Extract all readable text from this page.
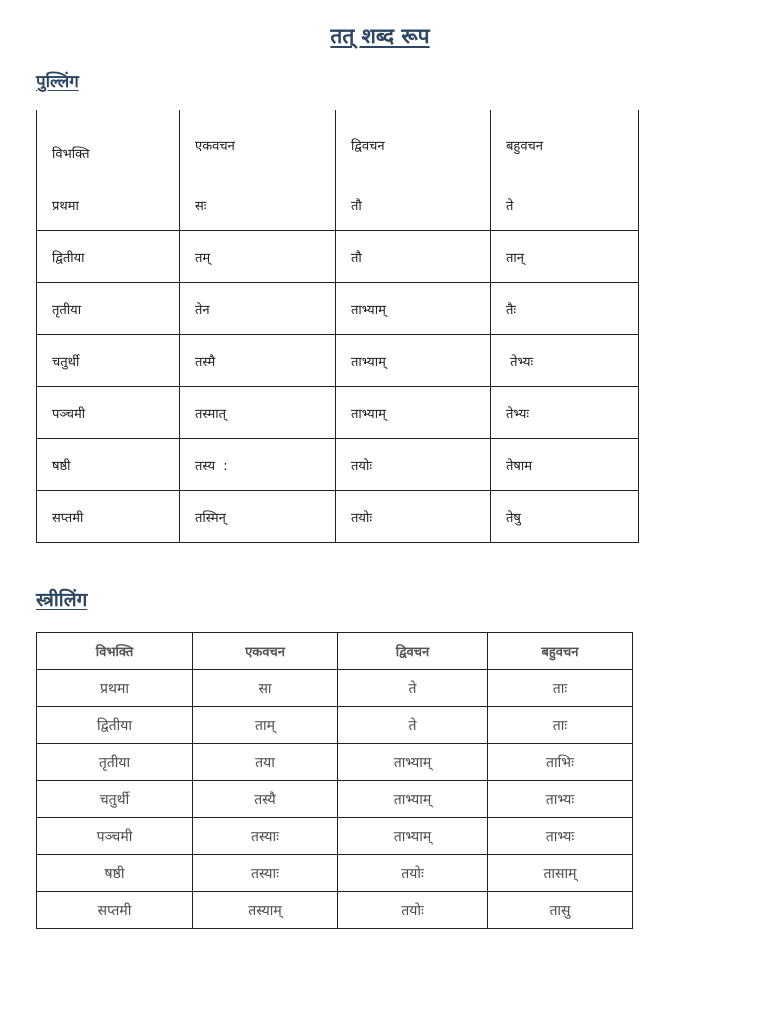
तत् शब्द रूप
पुल्लिंग
विभक्ति	एकवचन	द्विवचन	बहुवचन

प्रथमा	सः	तौ	ते
द्वितीया	तम्	तौ	तान्
तृतीया	तेन	ताभ्याम्	तैः
चतुर्थी	तस्मै	ताभ्याम्	तेभ्यः
पञ्चमी	तस्मात्	ताभ्याम्	तेभ्यः
षष्ठी	तस्य  :	तयोः	तेषाम
सप्तमी	तस्मिन्	तयोः	तेषु
स्त्रीलिंग
विभक्ति	एकवचन	द्विवचन	बहुवचन
प्रथमा	सा	ते	ताः
द्वितीया	ताम्	ते	ताः
तृतीया	तया	ताभ्याम्	ताभिः
चतुर्थी	तस्यै	ताभ्याम्	ताभ्यः
पञ्चमी	तस्याः	ताभ्याम्	ताभ्यः
षष्ठी	तस्याः	तयोः	तासाम्
सप्तमी	तस्याम्	तयोः	तासु
